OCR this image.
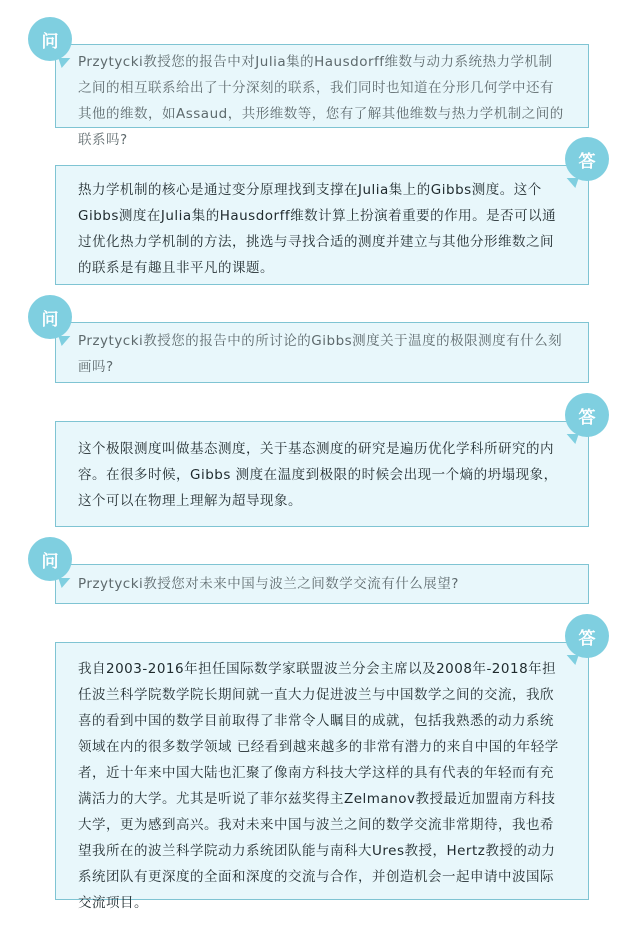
问

Przytycki教授您的报告中对Julia集的Hausdorff维数与动力系统热力学机制之间的相互联系给出了十分深刻的联系，我们同时也知道在分形几何学中还有其他的维数，如Assaud，共形维数等，您有了解其他维数与热力学机制之间的联系吗?

答

热力学机制的核心是通过变分原理找到支撑在Julia集上的Gibbs测度。这个Gibbs测度在Julia集的Hausdorff维数计算上扮演着重要的作用。是否可以通过优化热力学机制的方法，挑选与寻找合适的测度并建立与其他分形维数之间的联系是有趣且非平凡的课题。

问

Przytycki教授您的报告中的所讨论的Gibbs测度关于温度的极限测度有什么刻画吗?

答

这个极限测度叫做基态测度，关于基态测度的研究是遍历优化学科所研究的内容。在很多时候，Gibbs 测度在温度到极限的时候会出现一个熵的坍塌现象，这个可以在物理上理解为超导现象。

问

Przytycki教授您对未来中国与波兰之间数学交流有什么展望?

答

我自2003-2016年担任国际数学家联盟波兰分会主席以及2008年-2018年担任波兰科学院数学院长期间就一直大力促进波兰与中国数学之间的交流，我欣喜的看到中国的数学目前取得了非常令人瞩目的成就，包括我熟悉的动力系统领域在内的很多数学领域 已经看到越来越多的非常有潜力的来自中国的年轻学者，近十年来中国大陆也汇聚了像南方科技大学这样的具有代表的年轻而有充满活力的大学。尤其是听说了菲尔兹奖得主Zelmanov教授最近加盟南方科技大学，更为感到高兴。我对未来中国与波兰之间的数学交流非常期待，我也希望我所在的波兰科学院动力系统团队能与南科大Ures教授，Hertz教授的动力系统团队有更深度的全面和深度的交流与合作，并创造机会一起申请中波国际交流项目。
